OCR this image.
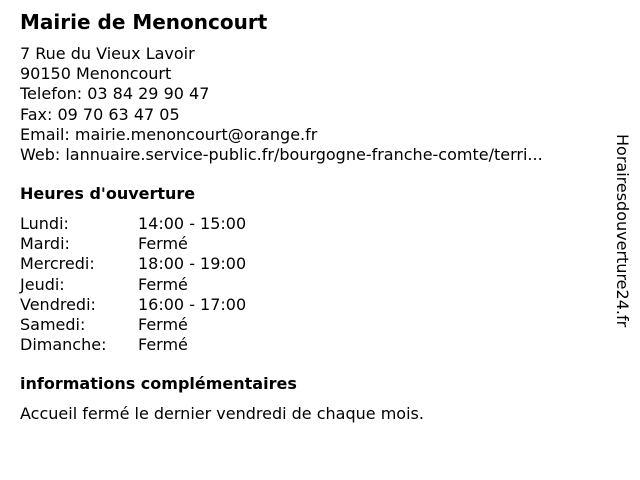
Mairie de Menoncourt
7 Rue du Vieux Lavoir
90150 Menoncourt
Telefon: 03 84 29 90 47
Fax: 09 70 63 47 05
Email: mairie.menoncourt@orange.fr
Web: lannuaire.service-public.fr/bourgogne-franche-comte/terri...
Heures d'ouverture
Lundi:	14:00 - 15:00
Mardi:	Fermé
Mercredi:	18:00 - 19:00
Jeudi:	Fermé
Vendredi:	16:00 - 17:00
Samedi:	Fermé
Dimanche:	Fermé
informations complémentaires
Accueil fermé le dernier vendredi de chaque mois.
Horairesdouverture24.fr
